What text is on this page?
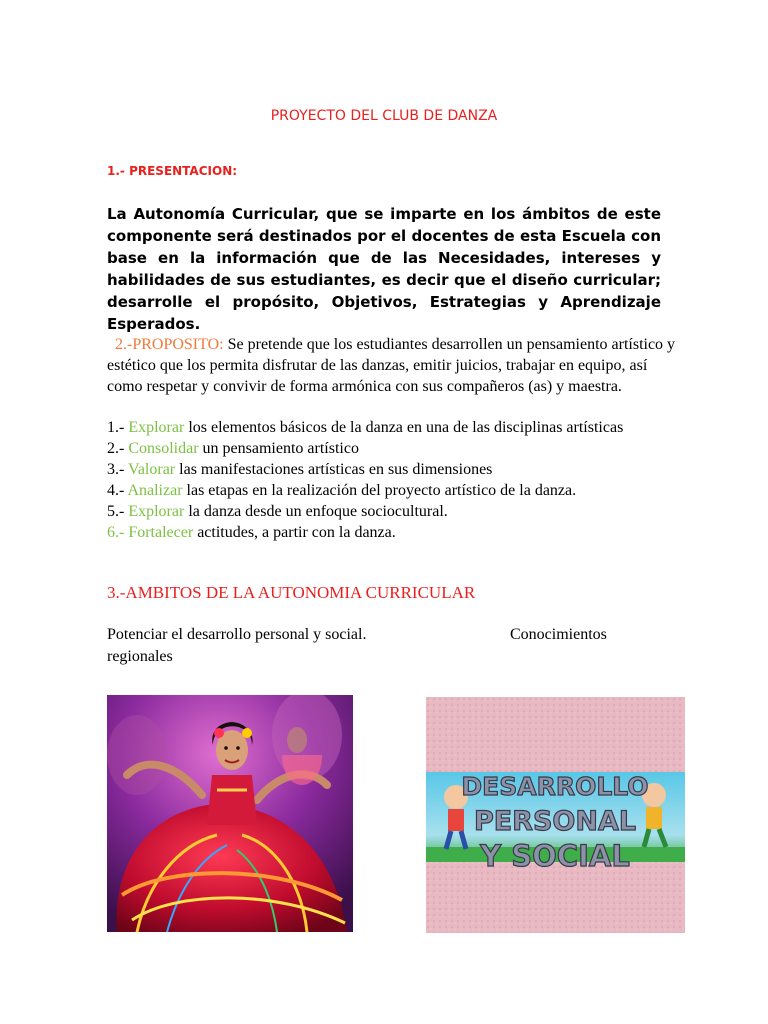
PROYECTO DEL CLUB DE DANZA
1.- PRESENTACION:

La Autonomía Curricular, que se imparte en los ámbitos de este componente será destinados por el docentes de esta Escuela con base en la información que de las Necesidades, intereses y habilidades de sus estudiantes, es decir que el diseño curricular; desarrolle el propósito, Objetivos, Estrategias y Aprendizaje Esperados.

2.-PROPOSITO: Se pretende que los estudiantes desarrollen un pensamiento artístico y estético que los permita disfrutar de las danzas, emitir juicios, trabajar en equipo, así como respetar y convivir de forma armónica con sus compañeros (as) y maestra.

1.- Explorar los elementos básicos de la danza en una de las disciplinas artísticas
2.- Consolidar un pensamiento artístico
3.- Valorar las manifestaciones artísticas en sus dimensiones
4.- Analizar las etapas en la realización del proyecto artístico de la danza.
5.- Explorar la danza desde un enfoque sociocultural.
6.- Fortalecer actitudes, a partir con la danza.
3.-AMBITOS DE LA AUTONOMIA CURRICULAR
Potenciar el desarrollo personal y social.	Conocimientos
regionales
DESARROLLO
PERSONAL
Y SOCIAL
